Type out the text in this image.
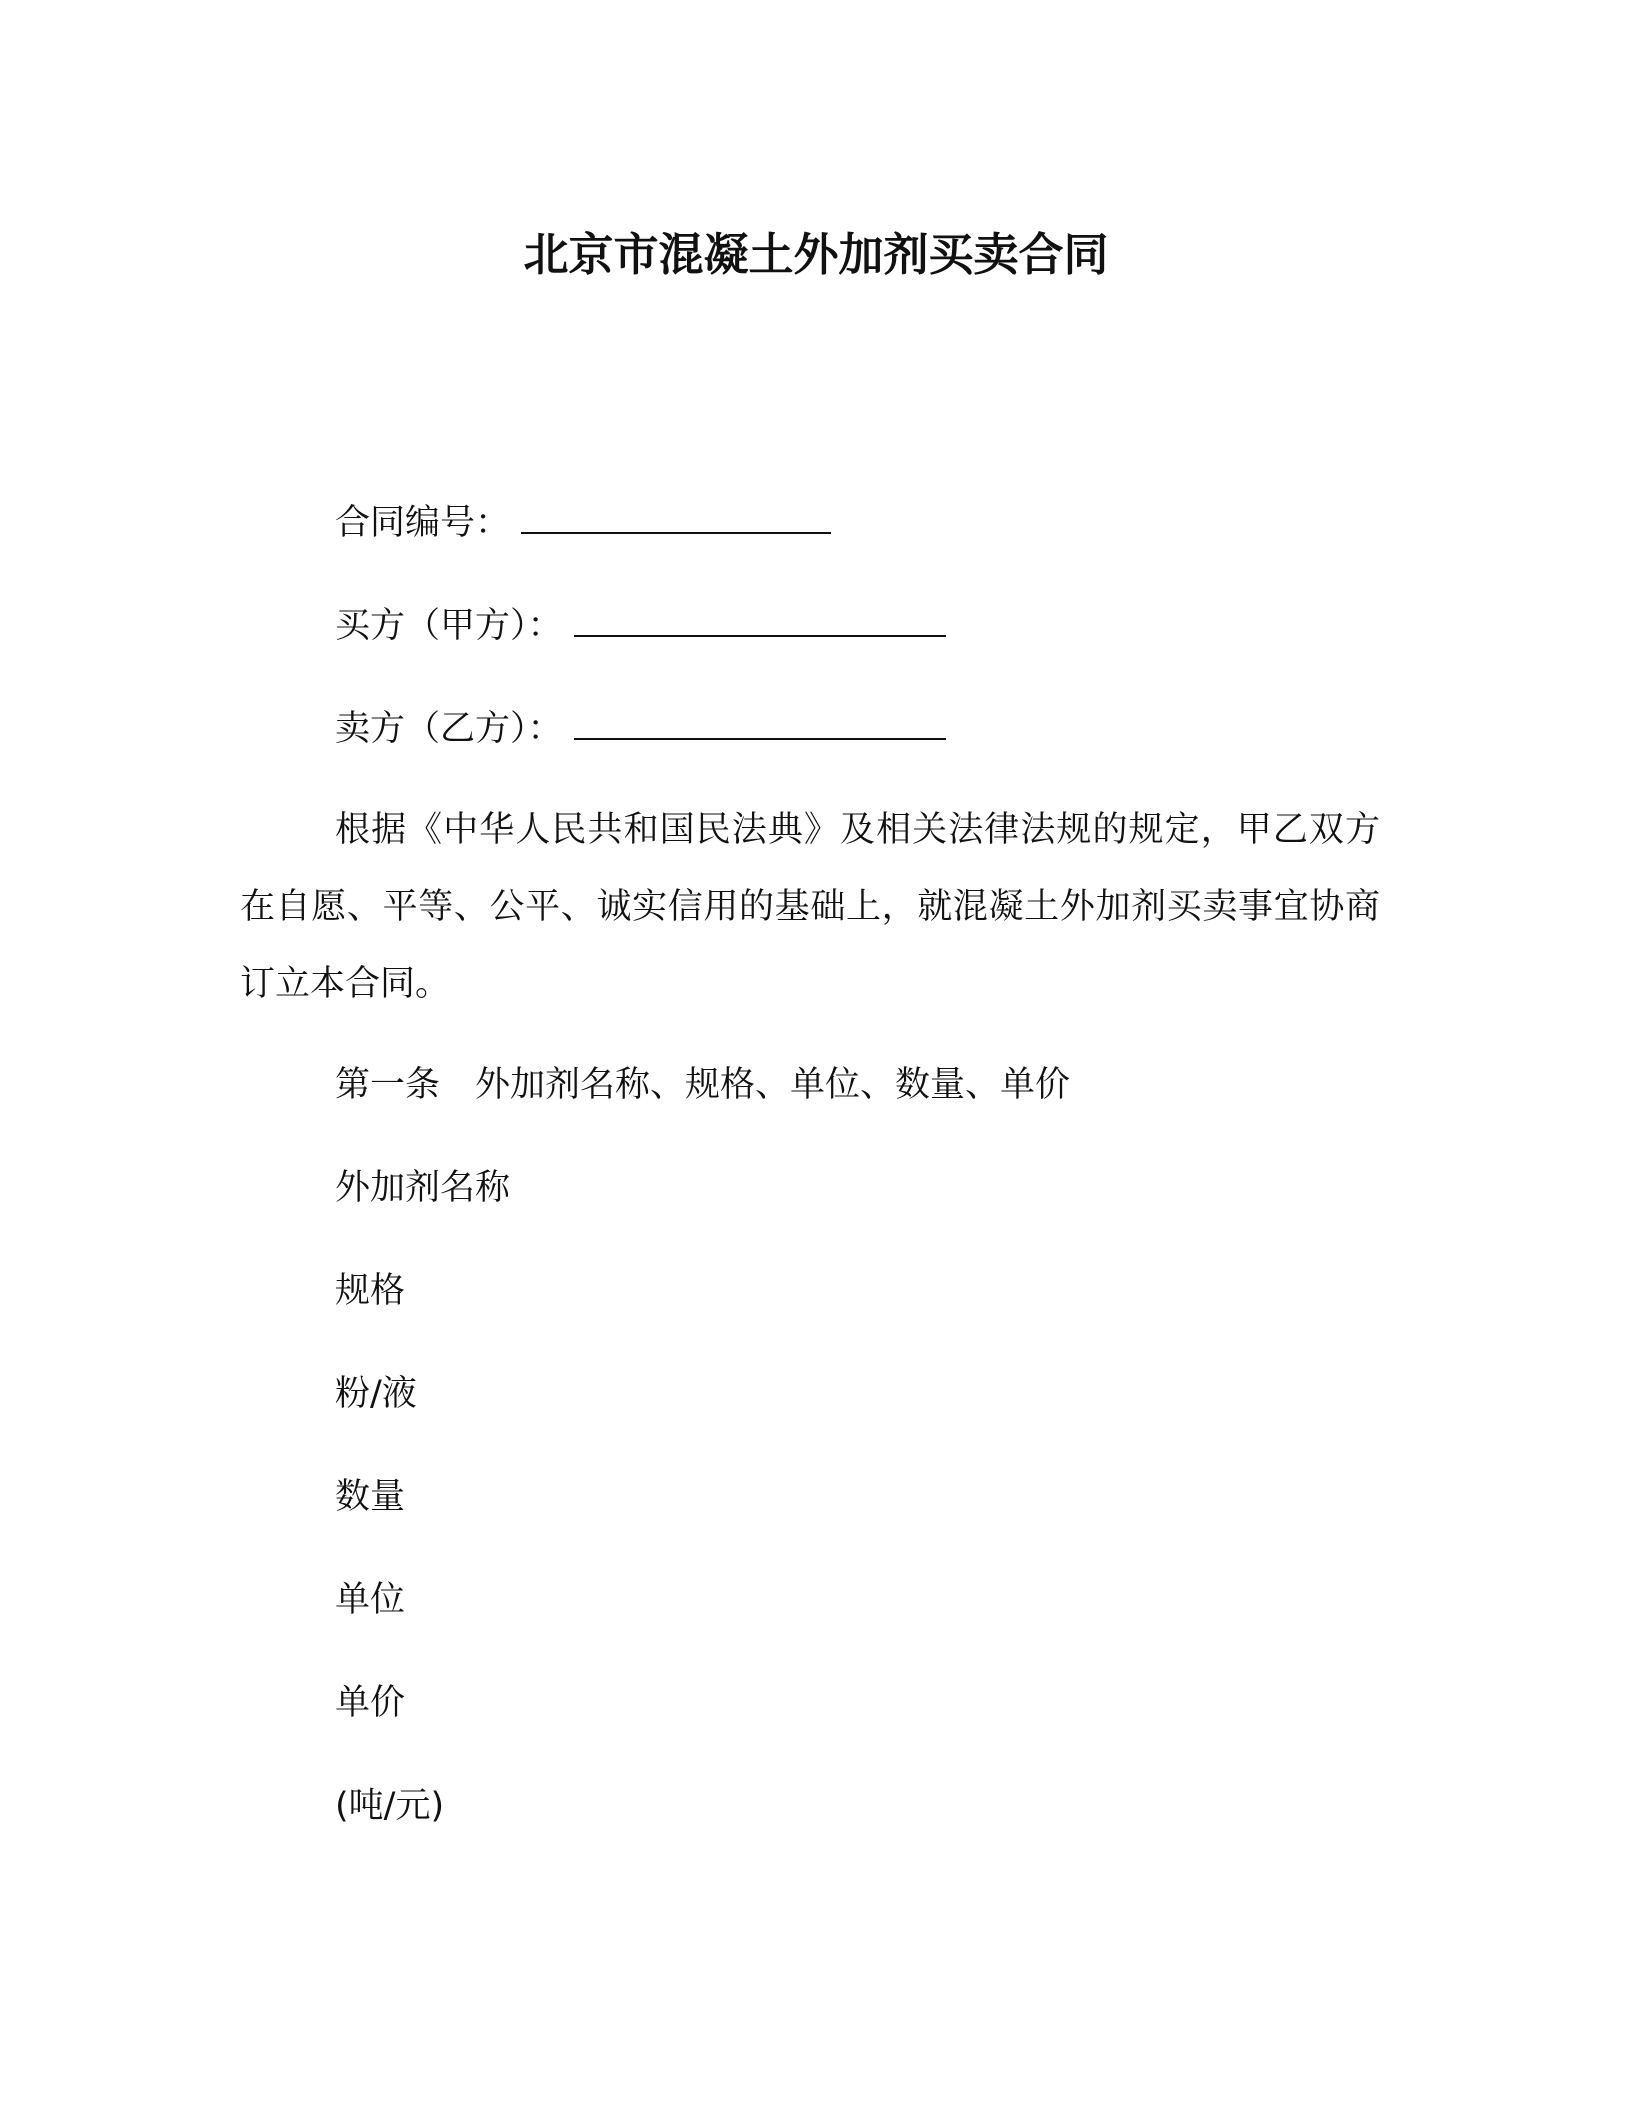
北京市混凝土外加剂买卖合同
合同编号：
买方（甲方）：
卖方（乙方）：
根据《中华人民共和国民法典》及相关法律法规的规定，甲乙双方在自愿、平等、公平、诚实信用的基础上，就混凝土外加剂买卖事宜协商订立本合同。
第一条　外加剂名称、规格、单位、数量、单价
外加剂名称
规格
粉/液
数量
单位
单价
(吨/元)
